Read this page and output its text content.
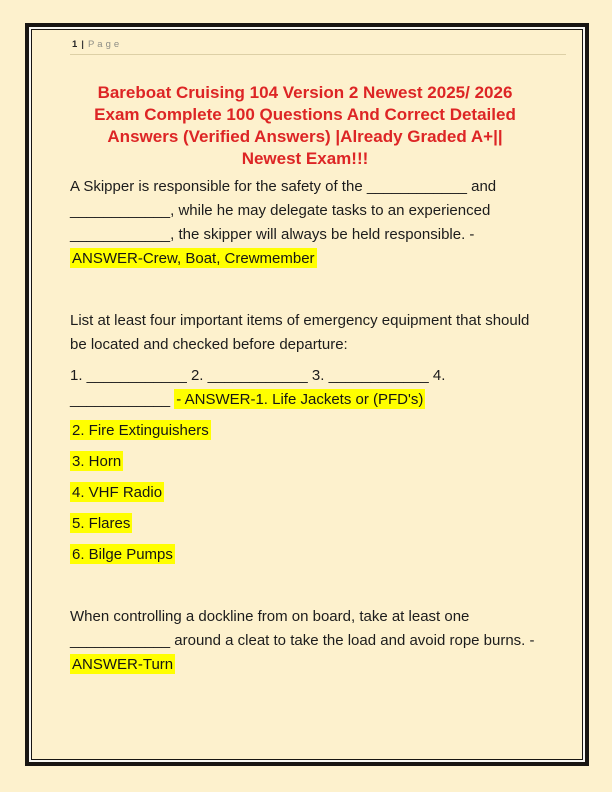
1 | Page
Bareboat Cruising 104 Version 2 Newest 2025/ 2026
Exam Complete 100 Questions And Correct Detailed
Answers (Verified Answers) |Already Graded A+||
Newest Exam!!!

A Skipper is responsible for the safety of the ____________ and ____________, while he may delegate tasks to an experienced ____________, the skipper will always be held responsible. - ANSWER-Crew, Boat, Crewmember

List at least four important items of emergency equipment that should be located and checked before departure:

1. ____________ 2. ____________ 3. ____________ 4. ____________ - ANSWER-1. Life Jackets or (PFD's)

2. Fire Extinguishers

3. Horn

4. VHF Radio

5. Flares

6. Bilge Pumps

When controlling a dockline from on board, take at least one ____________ around a cleat to take the load and avoid rope burns. - ANSWER-Turn
